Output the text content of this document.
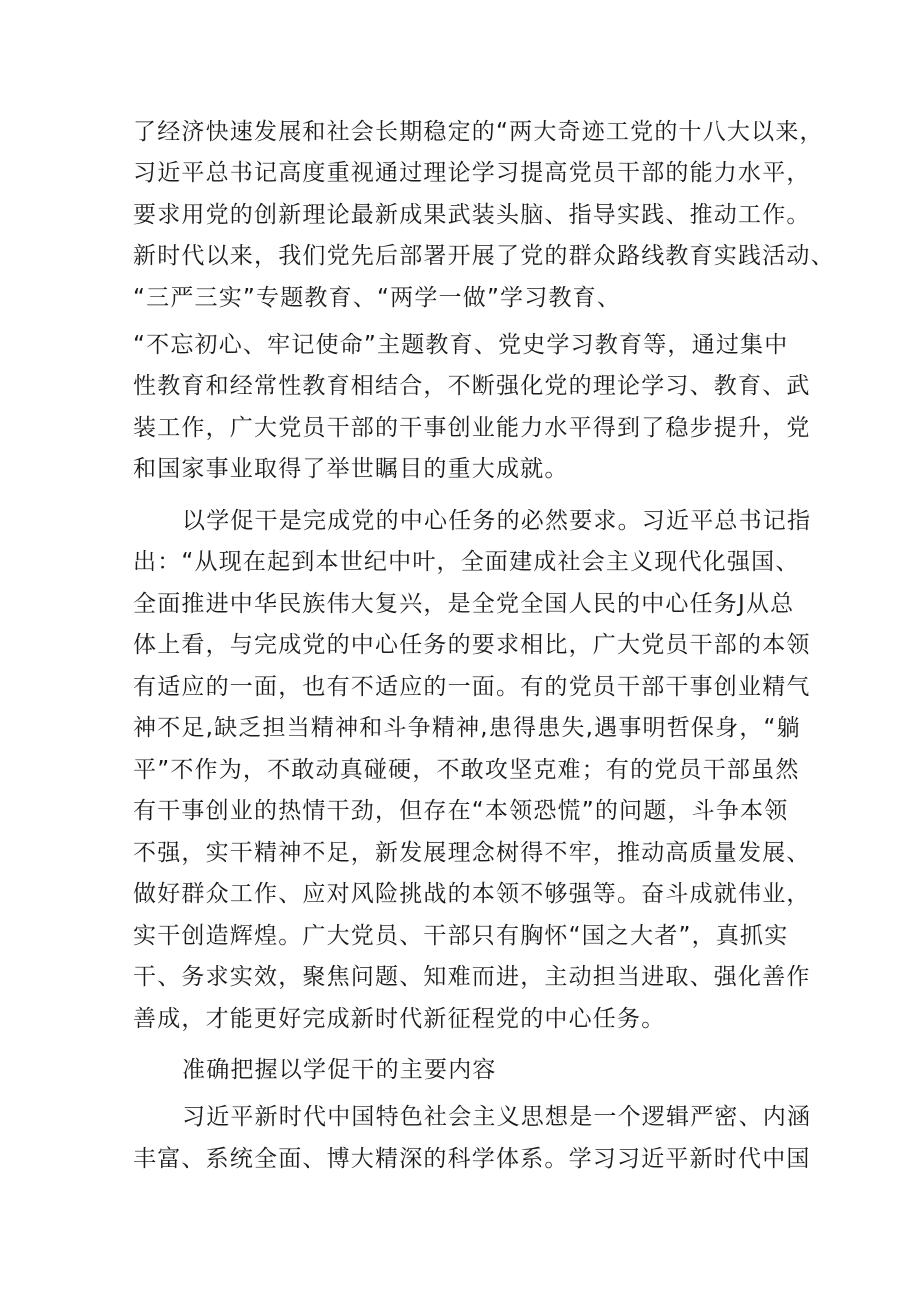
了经济快速发展和社会长期稳定的“两大奇迹工党的十八大以来，
习近平总书记高度重视通过理论学习提高党员干部的能力水平，
要求用党的创新理论最新成果武装头脑、指导实践、推动工作。
新时代以来，我们党先后部署开展了党的群众路线教育实践活动、
“三严三实”专题教育、“两学一做”学习教育、
“不忘初心、牢记使命”主题教育、党史学习教育等，通过集中
性教育和经常性教育相结合，不断强化党的理论学习、教育、武
装工作，广大党员干部的干事创业能力水平得到了稳步提升，党
和国家事业取得了举世瞩目的重大成就。
以学促干是完成党的中心任务的必然要求。习近平总书记指
出：“从现在起到本世纪中叶，全面建成社会主义现代化强国、
全面推进中华民族伟大复兴，是全党全国人民的中心任务J从总
体上看，与完成党的中心任务的要求相比，广大党员干部的本领
有适应的一面，也有不适应的一面。有的党员干部干事创业精气
神不足,缺乏担当精神和斗争精神,患得患失,遇事明哲保身，“躺
平”不作为，不敢动真碰硬，不敢攻坚克难；有的党员干部虽然
有干事创业的热情干劲，但存在“本领恐慌”的问题，斗争本领
不强，实干精神不足，新发展理念树得不牢，推动高质量发展、
做好群众工作、应对风险挑战的本领不够强等。奋斗成就伟业，
实干创造辉煌。广大党员、干部只有胸怀“国之大者”，真抓实
干、务求实效，聚焦问题、知难而进，主动担当进取、强化善作
善成，才能更好完成新时代新征程党的中心任务。
准确把握以学促干的主要内容
习近平新时代中国特色社会主义思想是一个逻辑严密、内涵
丰富、系统全面、博大精深的科学体系。学习习近平新时代中国
